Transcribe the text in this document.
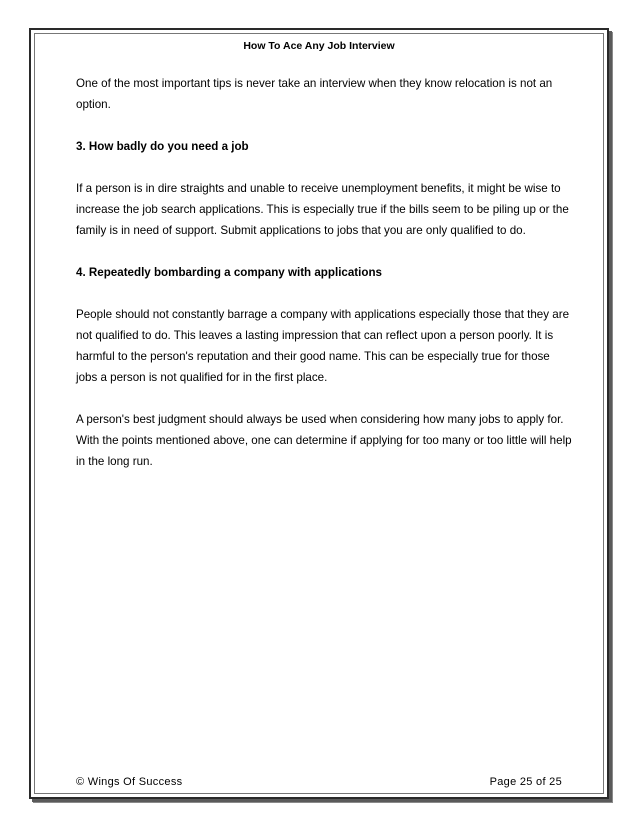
How To Ace Any Job Interview

One of the most important tips is never take an interview when they know relocation is not an option.

3. How badly do you need a job

If a person is in dire straights and unable to receive unemployment benefits, it might be wise to increase the job search applications. This is especially true if the bills seem to be piling up or the family is in need of support. Submit applications to jobs that you are only qualified to do.

4. Repeatedly bombarding a company with applications

People should not constantly barrage a company with applications especially those that they are not qualified to do. This leaves a lasting impression that can reflect upon a person poorly. It is harmful to the person's reputation and their good name. This can be especially true for those jobs a person is not qualified for in the first place.

A person's best judgment should always be used when considering how many jobs to apply for. With the points mentioned above, one can determine if applying for too many or too little will help in the long run.

© Wings Of Success	Page 25 of 25
